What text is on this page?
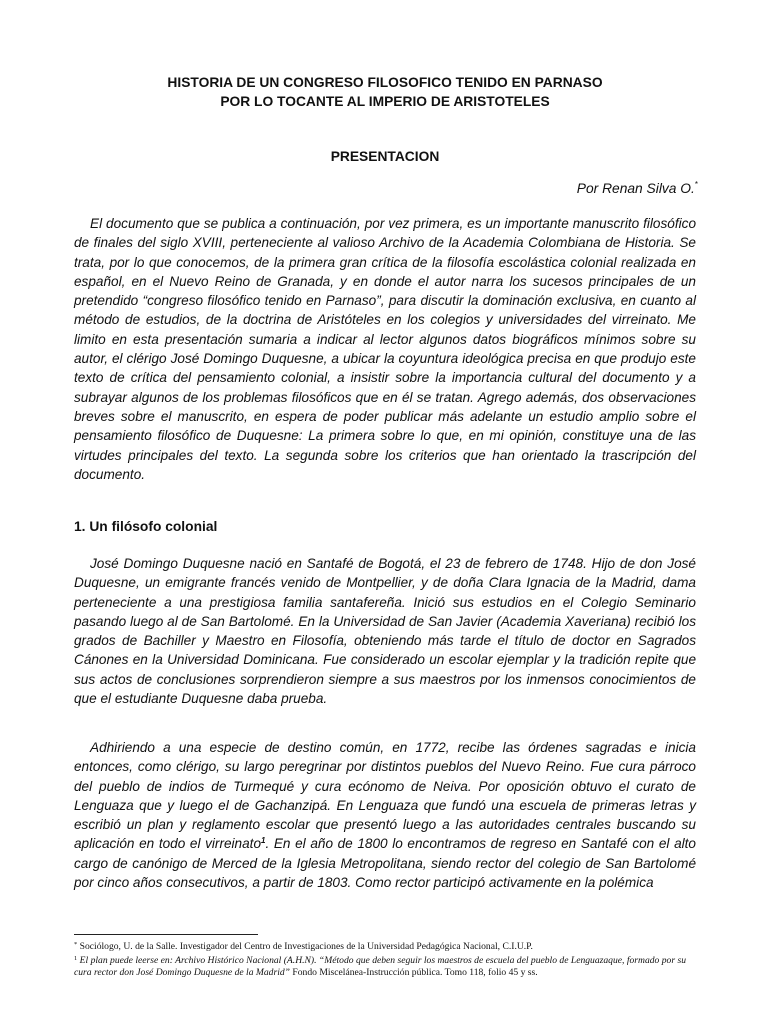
HISTORIA DE UN CONGRESO FILOSOFICO TENIDO EN PARNASO
POR LO TOCANTE AL IMPERIO DE ARISTOTELES
PRESENTACION
Por Renan Silva O.*

El documento que se publica a continuación, por vez primera, es un importante manuscrito filosófico de finales del siglo XVIII, perteneciente al valioso Archivo de la Academia Colombiana de Historia. Se trata, por lo que conocemos, de la primera gran crítica de la filosofía escolástica colonial realizada en español, en el Nuevo Reino de Granada, y en donde el autor narra los sucesos principales de un pretendido “congreso filosófico tenido en Parnaso”, para discutir la dominación exclusiva, en cuanto al método de estudios, de la doctrina de Aristóteles en los colegios y universidades del virreinato. Me limito en esta presentación sumaria a indicar al lector algunos datos biográficos mínimos sobre su autor, el clérigo José Domingo Duquesne, a ubicar la coyuntura ideológica precisa en que produjo este texto de crítica del pensamiento colonial, a insistir sobre la importancia cultural del documento y a subrayar algunos de los problemas filosóficos que en él se tratan. Agrego además, dos observaciones breves sobre el manuscrito, en espera de poder publicar más adelante un estudio amplio sobre el pensamiento filosófico de Duquesne: La primera sobre lo que, en mi opinión, constituye una de las virtudes principales del texto. La segunda sobre los criterios que han orientado la trascripción del documento.

1. Un filósofo colonial

José Domingo Duquesne nació en Santafé de Bogotá, el 23 de febrero de 1748. Hijo de don José Duquesne, un emigrante francés venido de Montpellier, y de doña Clara Ignacia de la Madrid, dama perteneciente a una prestigiosa familia santafereña. Inició sus estudios en el Colegio Seminario pasando luego al de San Bartolomé. En la Universidad de San Javier (Academia Xaveriana) recibió los grados de Bachiller y Maestro en Filosofía, obteniendo más tarde el título de doctor en Sagrados Cánones en la Universidad Dominicana. Fue considerado un escolar ejemplar y la tradición repite que sus actos de conclusiones sorprendieron siempre a sus maestros por los inmensos conocimientos de que el estudiante Duquesne daba prueba.

Adhiriendo a una especie de destino común, en 1772, recibe las órdenes sagradas e inicia entonces, como clérigo, su largo peregrinar por distintos pueblos del Nuevo Reino. Fue cura párroco del pueblo de indios de Turmequé y cura ecónomo de Neiva. Por oposición obtuvo el curato de Lenguaza que y luego el de Gachanzipá. En Lenguaza que fundó una escuela de primeras letras y escribió un plan y reglamento escolar que presentó luego a las autoridades centrales buscando su aplicación en todo el virreinato$^1$. En el año de 1800 lo encontramos de regreso en Santafé con el alto cargo de canónigo de Merced de la Iglesia Metropolitana, siendo rector del colegio de San Bartolomé por cinco años consecutivos, a partir de 1803. Como rector participó activamente en la polémica

* Sociólogo, U. de la Salle. Investigador del Centro de Investigaciones de la Universidad Pedagógica Nacional, C.I.U.P.

$^1$ El plan puede leerse en: Archivo Histórico Nacional (A.H.N). “Método que deben seguir los maestros de escuela del pueblo de Lenguazaque, formado por su cura rector don José Domingo Duquesne de la Madrid” Fondo Misceláneа-Instrucción pública. Tomo 118, folio 45 y ss.
